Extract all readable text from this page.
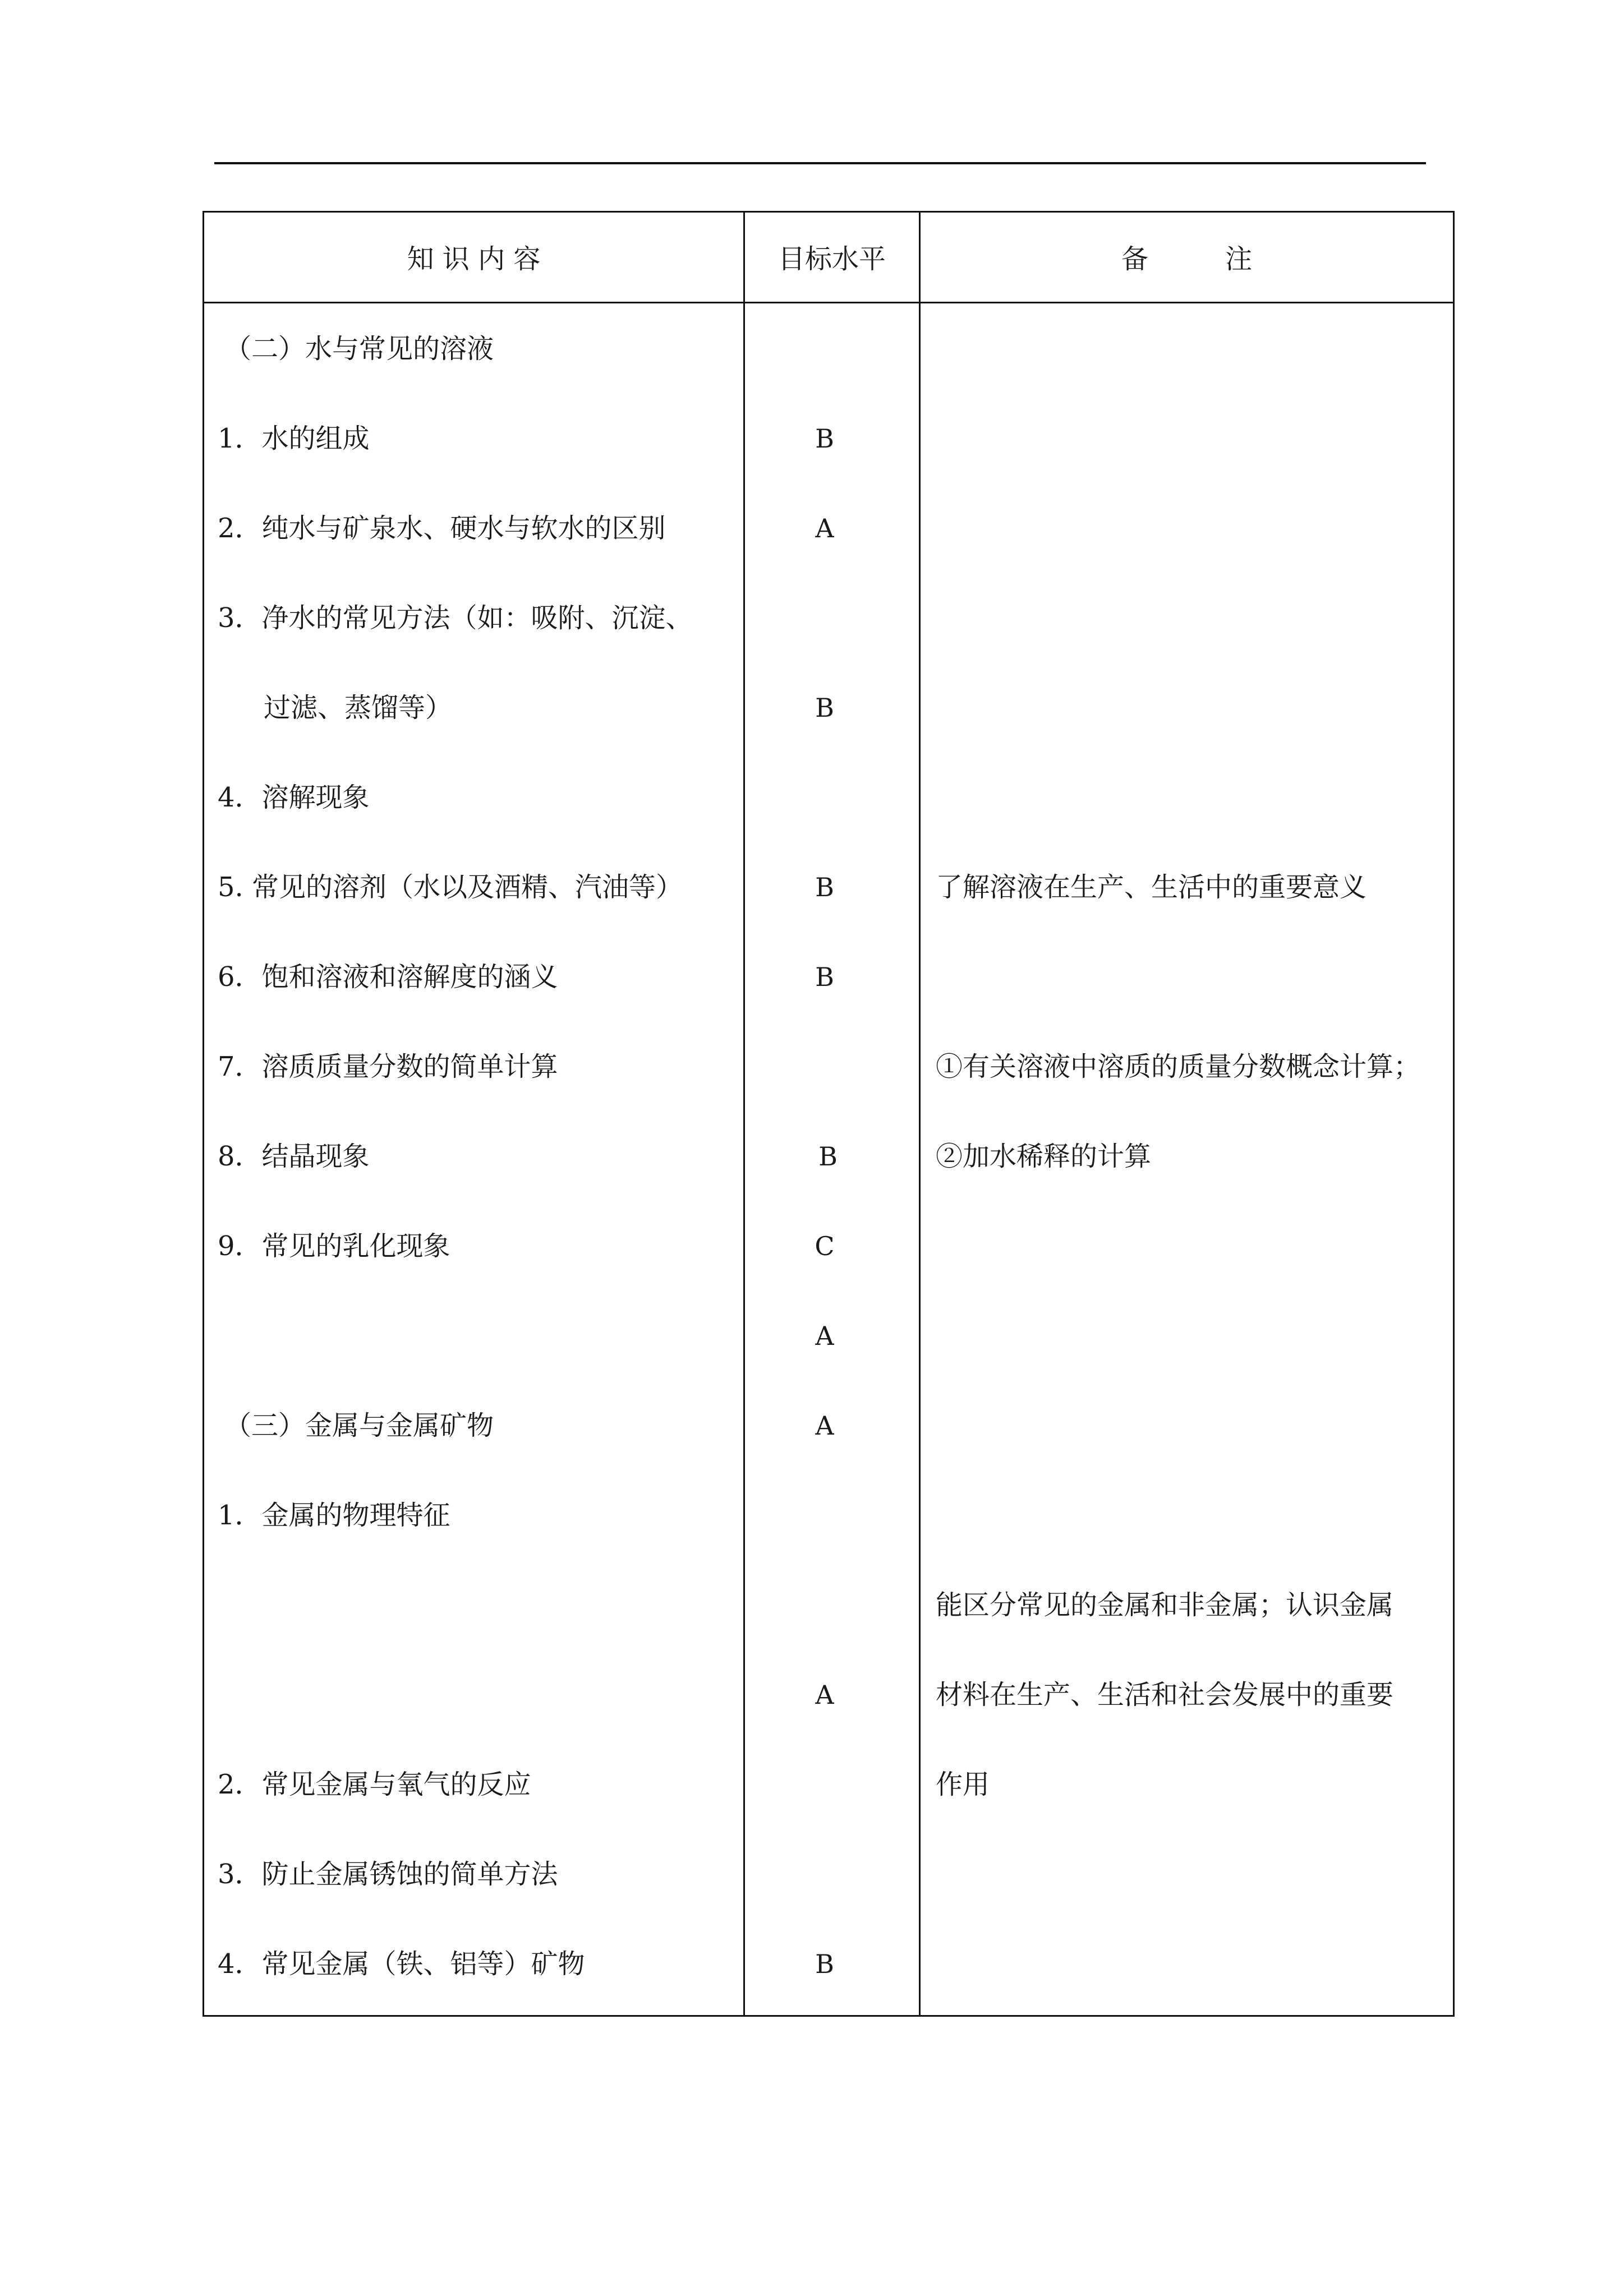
知 识 内 容	目标水平	备         注
（二）水与常见的溶液
1．水的组成
2．纯水与矿泉水、硬水与软水的区别
3．净水的常见方法（如：吸附、沉淀、
过滤、蒸馏等）
4．溶解现象
5. 常见的溶剂（水以及酒精、汽油等）
6．饱和溶液和溶解度的涵义
7．溶质质量分数的简单计算
8．结晶现象
9．常见的乳化现象
（三）金属与金属矿物
1．金属的物理特征
2．常见金属与氧气的反应
3．防止金属锈蚀的简单方法
4．常见金属（铁、铝等）矿物
B
A
B
B
B
B
C
A
A
A
B
了解溶液在生产、生活中的重要意义
①有关溶液中溶质的质量分数概念计算；
②加水稀释的计算
能区分常见的金属和非金属；认识金属
材料在生产、生活和社会发展中的重要
作用
